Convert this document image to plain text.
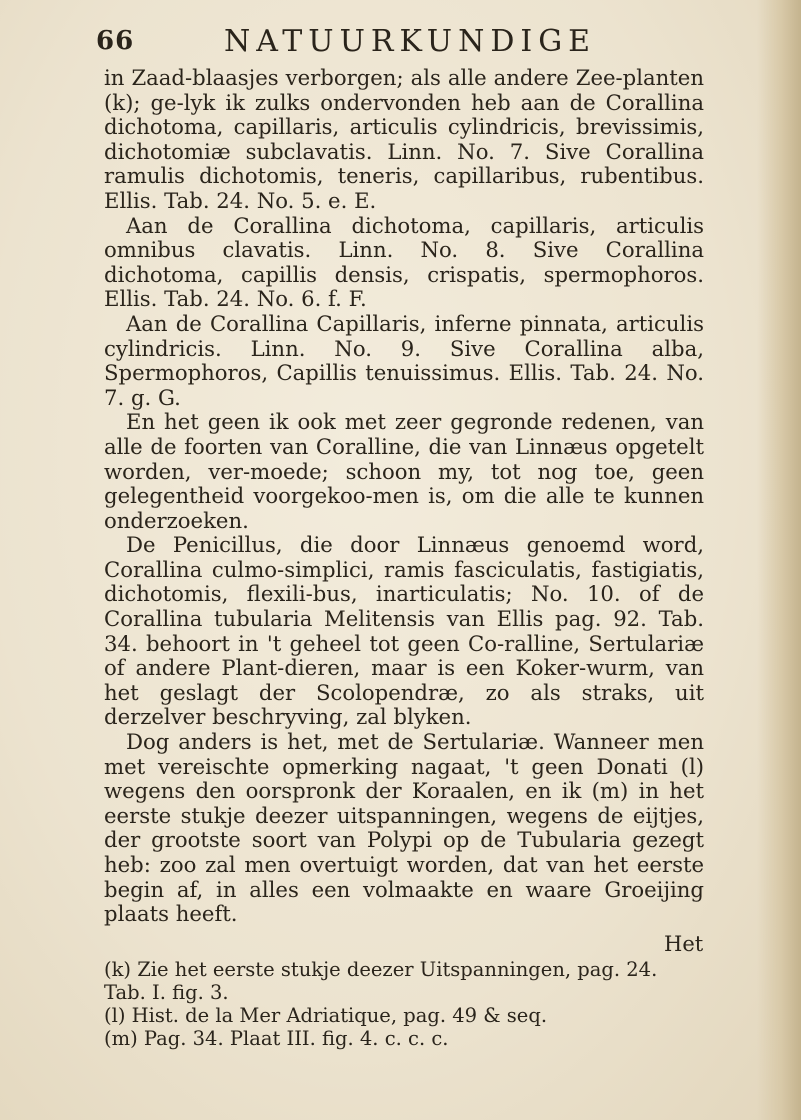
66	NATUURKUNDIGE

in Zaad-blaasjes verborgen; als alle andere Zee-planten (k); ge-lyk ik zulks ondervonden heb aan de Corallina dichotoma, capillaris, articulis cylindricis, brevissimis, dichotomiæ subclavatis. Linn. No. 7. Sive Corallina ramulis dichotomis, teneris, capillaribus, rubentibus. Ellis. Tab. 24. No. 5. e. E.

Aan de Corallina dichotoma, capillaris, articulis omnibus clavatis. Linn. No. 8. Sive Corallina dichotoma, capillis densis, crispatis, spermophoros. Ellis. Tab. 24. No. 6. f. F.

Aan de Corallina Capillaris, inferne pinnata, articulis cylindricis. Linn. No. 9. Sive Corallina alba, Spermophoros, Capillis tenuissimus. Ellis. Tab. 24. No. 7. g. G.

En het geen ik ook met zeer gegronde redenen, van alle de foorten van Coralline, die van Linnæus opgetelt worden, ver-moede; schoon my, tot nog toe, geen gelegentheid voorgekoo-men is, om die alle te kunnen onderzoeken.

De Penicillus, die door Linnæus genoemd word, Corallina culmo-simplici, ramis fasciculatis, fastigiatis, dichotomis, flexili-bus, inarticulatis; No. 10. of de Corallina tubularia Melitensis van Ellis pag. 92. Tab. 34. behoort in 't geheel tot geen Co-ralline, Sertulariæ of andere Plant-dieren, maar is een Koker-wurm, van het geslagt der Scolopendræ, zo als straks, uit derzelver beschryving, zal blyken.

Dog anders is het, met de Sertulariæ. Wanneer men met vereischte opmerking nagaat, 't geen Donati (l) wegens den oorspronk der Koraalen, en ik (m) in het eerste stukje deezer uitspanningen, wegens de eijtjes, der grootste soort van Polypi op de Tubularia gezegt heb: zoo zal men overtuigt worden, dat van het eerste begin af, in alles een volmaakte en waare Groeijing plaats heeft.

Het

(k) Zie het eerste stukje deezer Uitspanningen, pag. 24. Tab. I. fig. 3.

(l) Hist. de la Mer Adriatique, pag. 49 & seq.

(m) Pag. 34. Plaat III. fig. 4. c. c. c.
